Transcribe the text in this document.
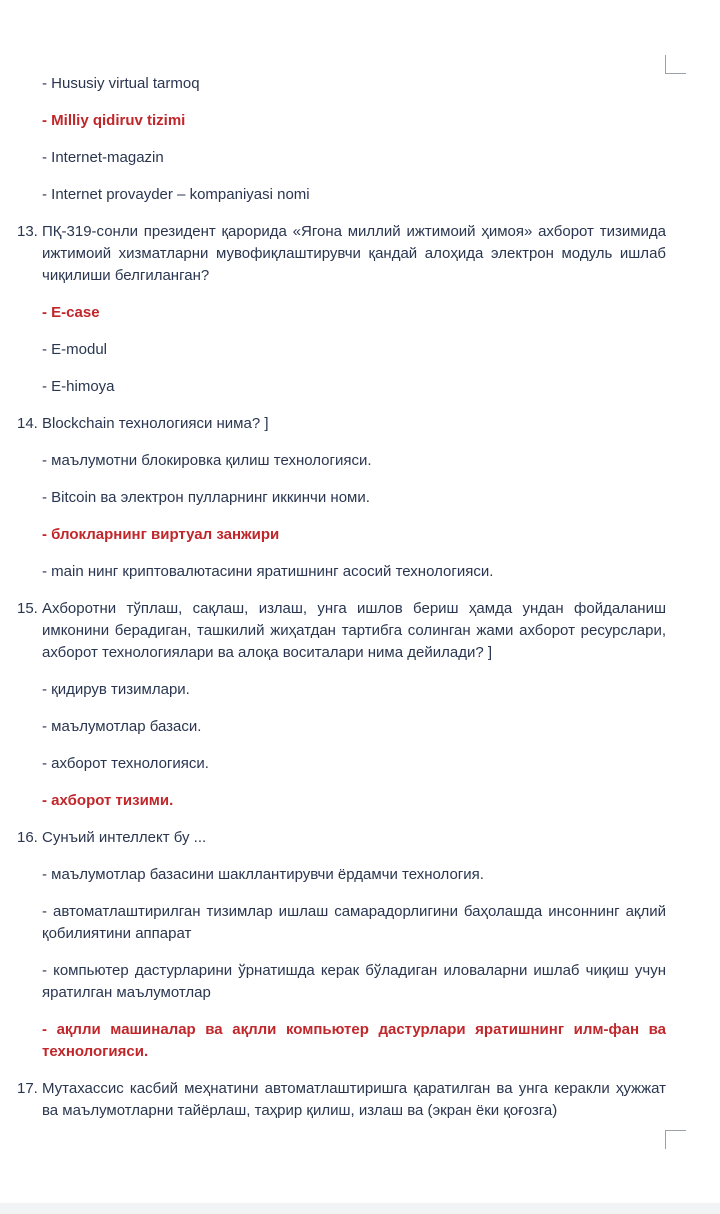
- Hususiy virtual tarmoq
- Milliy qidiruv tizimi
- Internet-magazin
- Internet provayder – kompaniyasi nomi
13. ПҚ-319-сонли президент қарорида «Ягона миллий ижтимоий ҳимоя» ахборот тизимида ижтимоий хизматларни мувофиқлаштирувчи қандай алоҳида электрон модуль ишлаб чиқилиши белгиланган?
- E-case
- E-modul
- E-himoya
14. Blockchain технологияси нима? ]
- маълумотни блокировка қилиш технологияси.
- Bitcoin ва электрон пулларнинг иккинчи номи.
- блокларнинг виртуал занжири
- main нинг криптовалютасини яратишнинг асосий технологияси.
15. Ахборотни тўплаш, сақлаш, излаш, унга ишлов бериш ҳамда ундан фойдаланиш имконини берадиган, ташкилий жиҳатдан тартибга солинган жами ахборот ресурслари, ахборот технологиялари ва алоқа воситалари нима дейилади? ]
- қидирув тизимлари.
- маълумотлар базаси.
- ахборот технологияси.
- ахборот тизими.
16. Сунъий интеллект бу ...
- маълумотлар базасини шакллантирувчи ёрдамчи технология.
- автоматлаштирилган тизимлар ишлаш самарадорлигини баҳолашда инсоннинг ақлий қобилиятини аппарат
- компьютер дастурларини ўрнатишда керак бўладиган иловаларни ишлаб чиқиш учун яратилган маълумотлар
- ақлли машиналар ва ақлли компьютер дастурлари яратишнинг илм-фан ва технологияси.
17. Мутахассис касбий меҳнатини автоматлаштиришга қаратилган ва унга керакли ҳужжат ва маълумотларни тайёрлаш, таҳрир қилиш, излаш ва (экран ёки қоғозга)
